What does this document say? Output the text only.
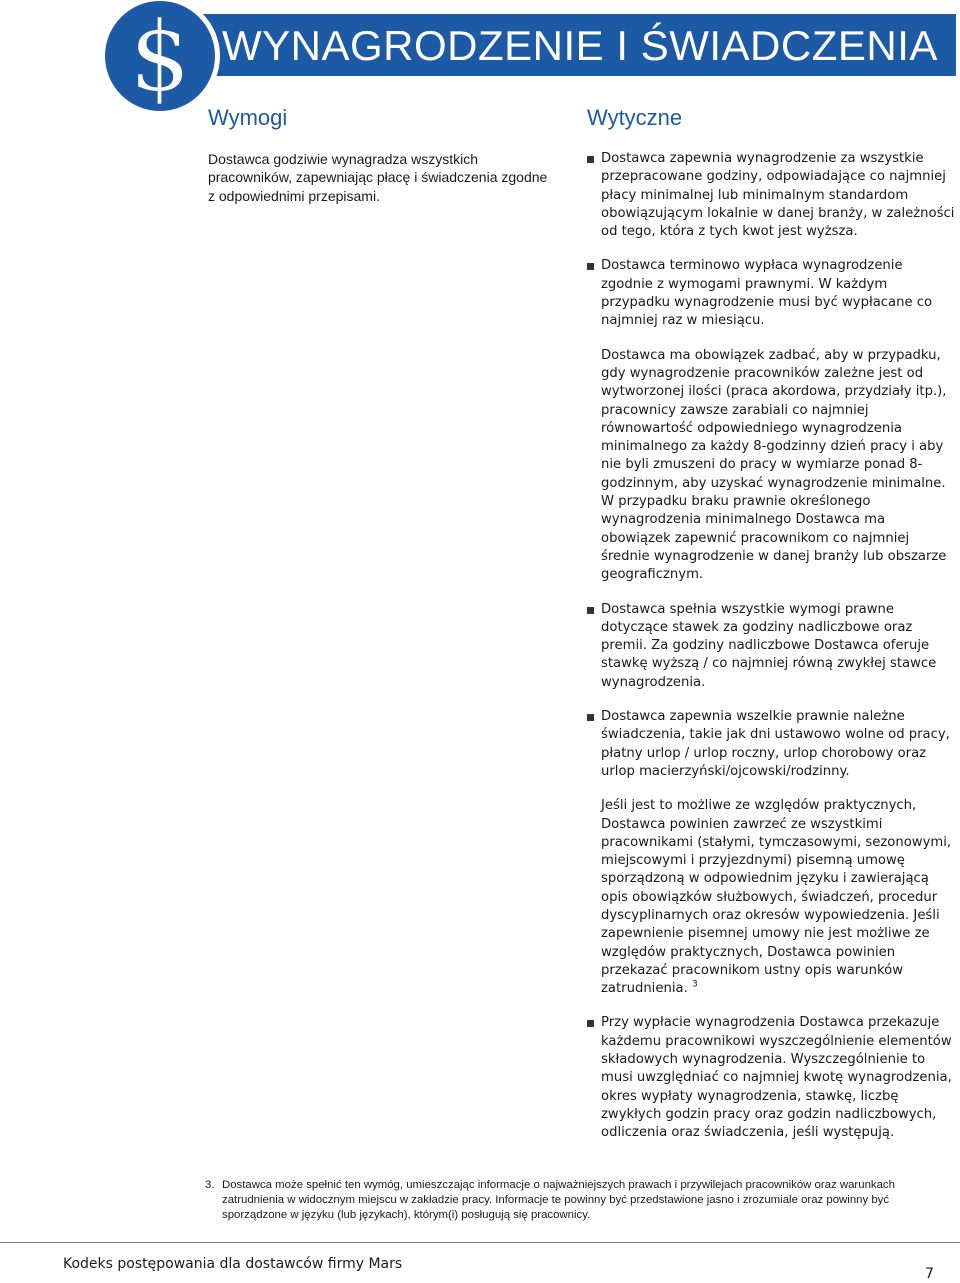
$ WYNAGRODZENIE I ŚWIADCZENIA
Wymogi
Dostawca godziwie wynagradza wszystkich pracowników, zapewniając płacę i świadczenia zgodne z odpowiednimi przepisami.
Wytyczne
Dostawca zapewnia wynagrodzenie za wszystkie przepracowane godziny, odpowiadające co najmniej płacy minimalnej lub minimalnym standardom obowiązującym lokalnie w danej branży, w zależności od tego, która z tych kwot jest wyższa.
Dostawca terminowo wypłaca wynagrodzenie zgodnie z wymogami prawnymi. W każdym przypadku wynagrodzenie musi być wypłacane co najmniej raz w miesiącu.
Dostawca ma obowiązek zadbać, aby w przypadku, gdy wynagrodzenie pracowników zależne jest od wytworzonej ilości (praca akordowa, przydziały itp.), pracownicy zawsze zarabiali co najmniej równowartość odpowiedniego wynagrodzenia minimalnego za każdy 8-godzinny dzień pracy i aby nie byli zmuszeni do pracy w wymiarze ponad 8-godzinnym, aby uzyskać wynagrodzenie minimalne. W przypadku braku prawnie określonego wynagrodzenia minimalnego Dostawca ma obowiązek zapewnić pracownikom co najmniej średnie wynagrodzenie w danej branży lub obszarze geograficznym.
Dostawca spełnia wszystkie wymogi prawne dotyczące stawek za godziny nadliczbowe oraz premii. Za godziny nadliczbowe Dostawca oferuje stawkę wyższą / co najmniej równą zwykłej stawce wynagrodzenia.
Dostawca zapewnia wszelkie prawnie należne świadczenia, takie jak dni ustawowo wolne od pracy, płatny urlop / urlop roczny, urlop chorobowy oraz urlop macierzyński/ojcowski/rodzinny.
Jeśli jest to możliwe ze względów praktycznych, Dostawca powinien zawrzeć ze wszystkimi pracownikami (stałymi, tymczasowymi, sezonowymi, miejscowymi i przyjezdnymi) pisemną umowę sporządzoną w odpowiednim języku i zawierającą opis obowiązków służbowych, świadczeń, procedur dyscyplinarnych oraz okresów wypowiedzenia. Jeśli zapewnienie pisemnej umowy nie jest możliwe ze względów praktycznych, Dostawca powinien przekazać pracownikom ustny opis warunków zatrudnienia. $^3$
Przy wypłacie wynagrodzenia Dostawca przekazuje każdemu pracownikowi wyszczególnienie elementów składowych wynagrodzenia. Wyszczególnienie to musi uwzględniać co najmniej kwotę wynagrodzenia, okres wypłaty wynagrodzenia, stawkę, liczbę zwykłych godzin pracy oraz godzin nadliczbowych, odliczenia oraz świadczenia, jeśli występują.
3. Dostawca może spełnić ten wymóg, umieszczając informacje o najważniejszych prawach i przywilejach pracowników oraz warunkach zatrudnienia w widocznym miejscu w zakładzie pracy. Informacje te powinny być przedstawione jasno i zrozumiale oraz powinny być sporządzone w języku (lub językach), którym(i) posługują się pracownicy.
Kodeks postępowania dla dostawców firmy Mars
7
